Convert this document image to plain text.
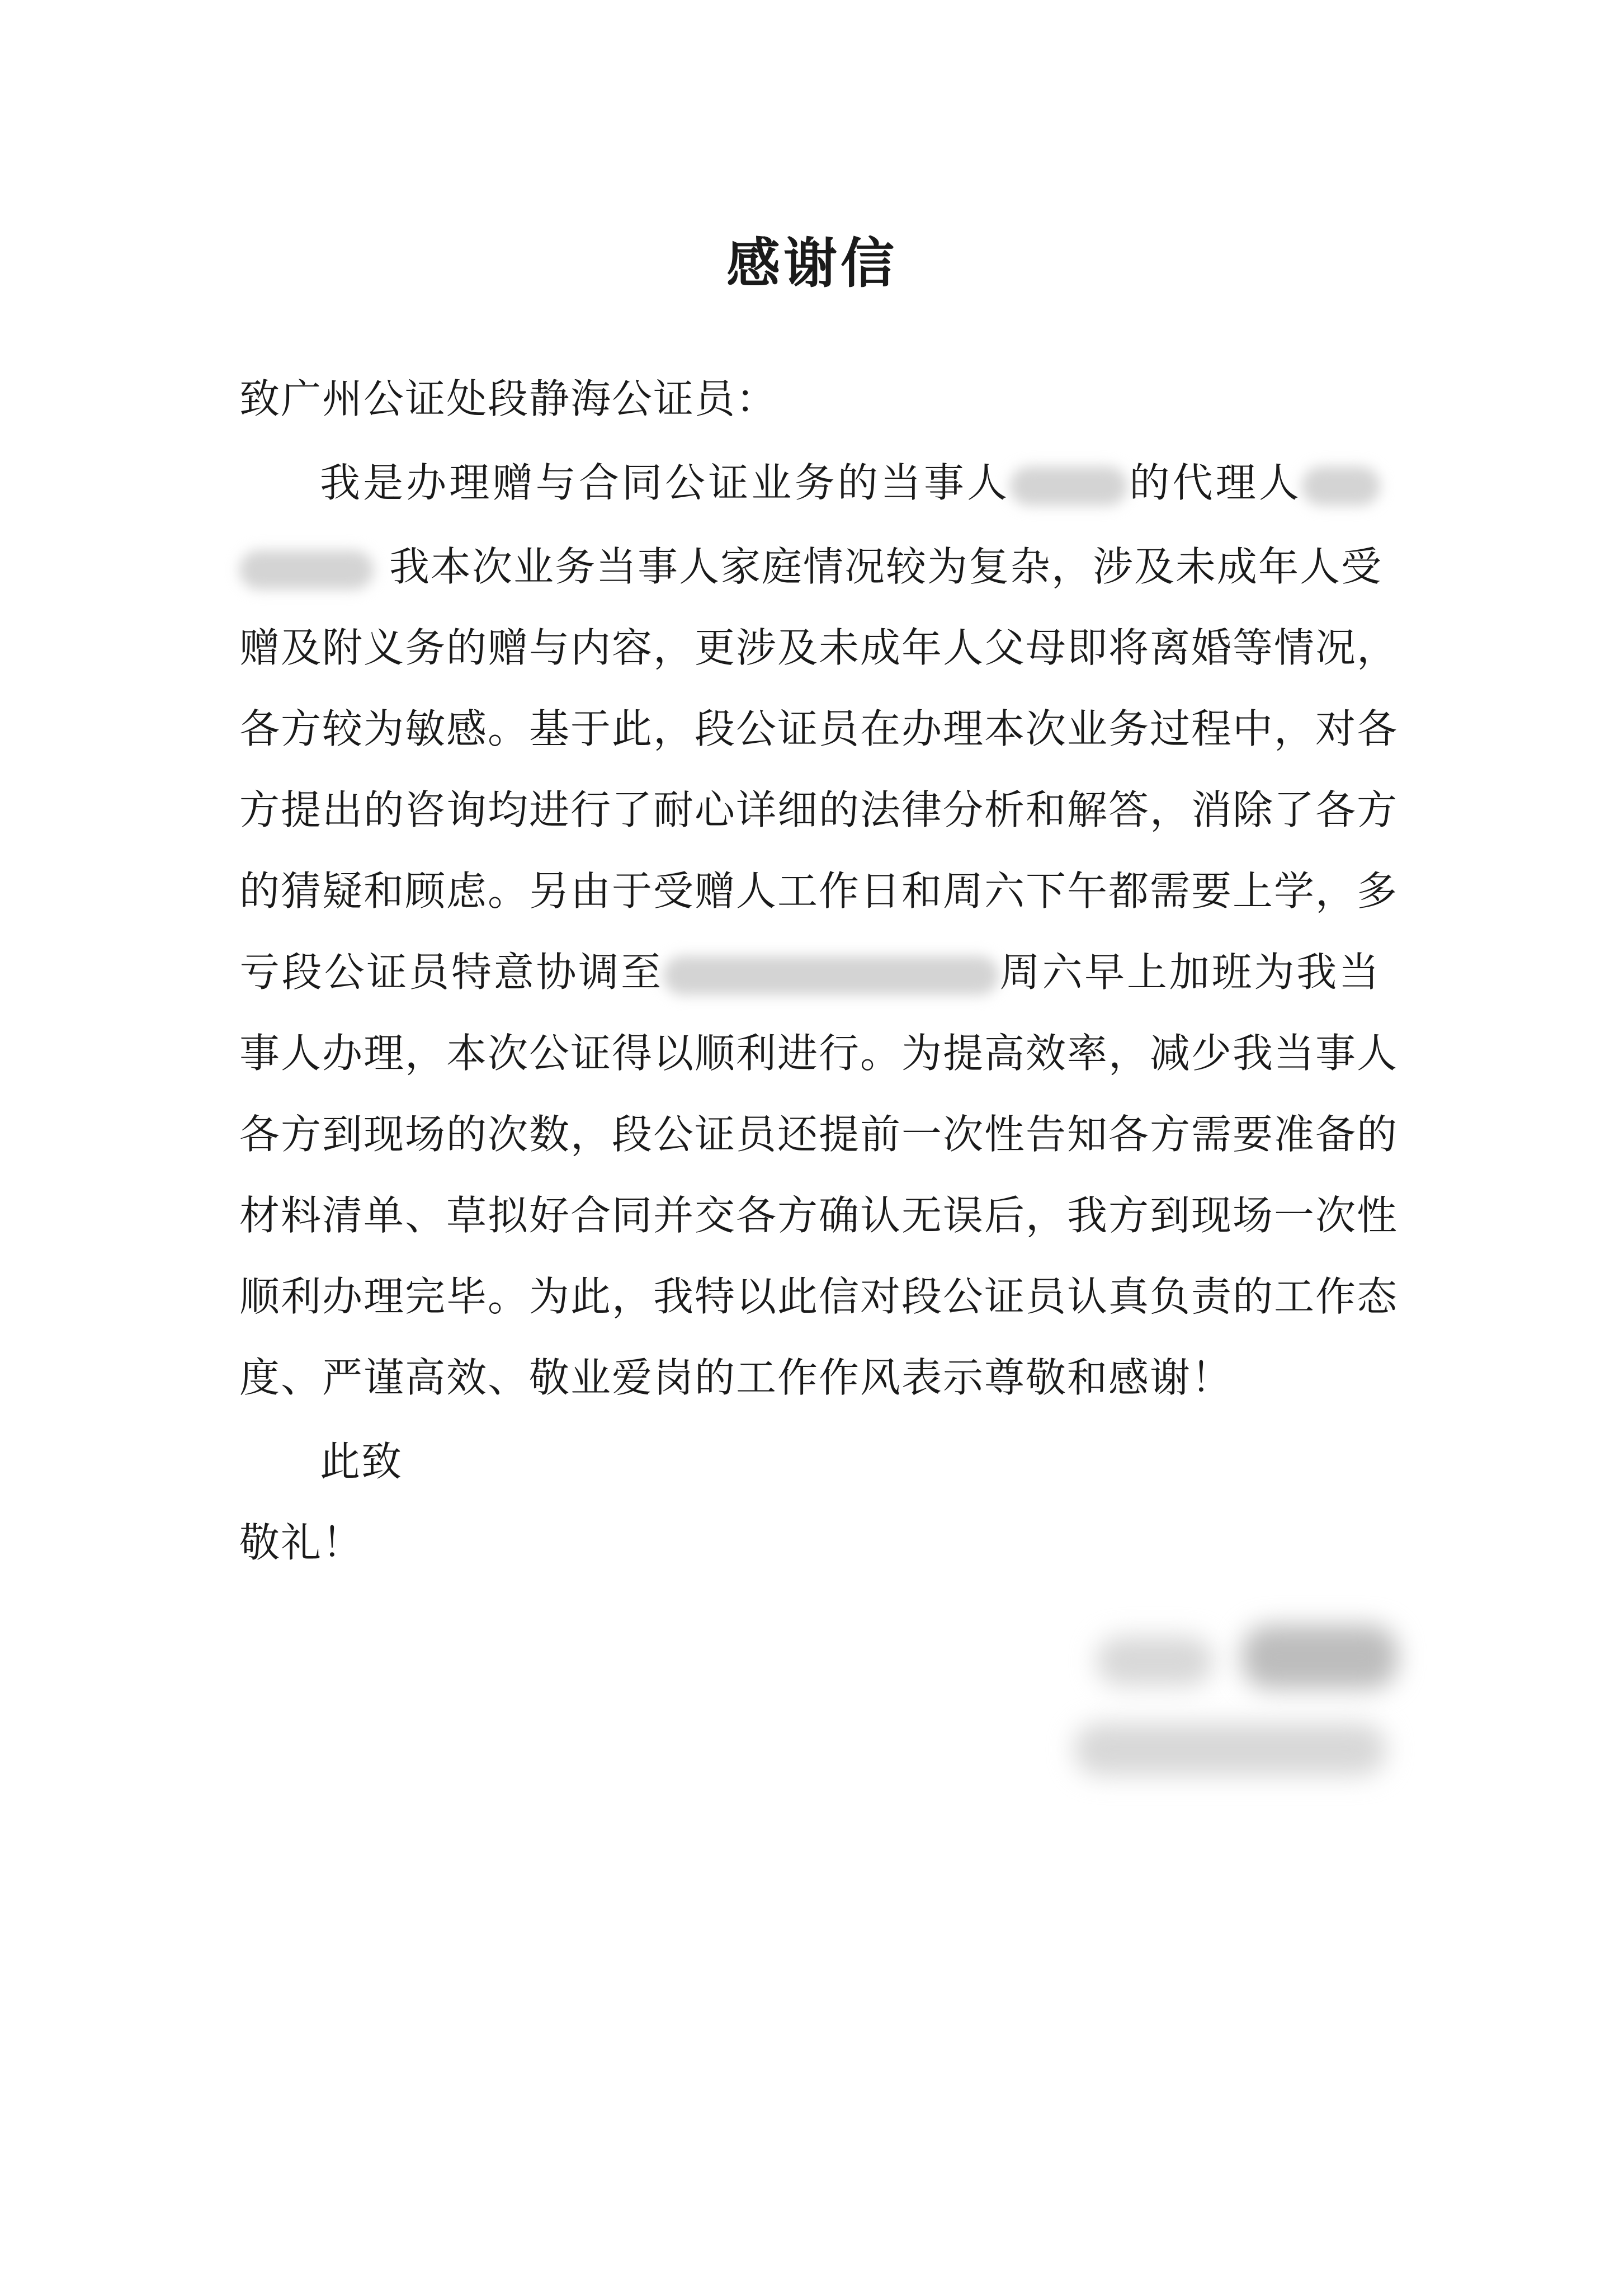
感谢信
致广州公证处段静海公证员：
我是办理赠与合同公证业务的当事人	的代理人
我本次业务当事人家庭情况较为复杂，涉及未成年人受
赠及附义务的赠与内容，更涉及未成年人父母即将离婚等情况，
各方较为敏感。基于此，段公证员在办理本次业务过程中，对各
方提出的咨询均进行了耐心详细的法律分析和解答，消除了各方
的猜疑和顾虑。另由于受赠人工作日和周六下午都需要上学，多
亏段公证员特意协调至	周六早上加班为我当
事人办理，本次公证得以顺利进行。为提高效率，减少我当事人
各方到现场的次数，段公证员还提前一次性告知各方需要准备的
材料清单、草拟好合同并交各方确认无误后，我方到现场一次性
顺利办理完毕。为此，我特以此信对段公证员认真负责的工作态
度、严谨高效、敬业爱岗的工作作风表示尊敬和感谢！
此致
敬礼！
